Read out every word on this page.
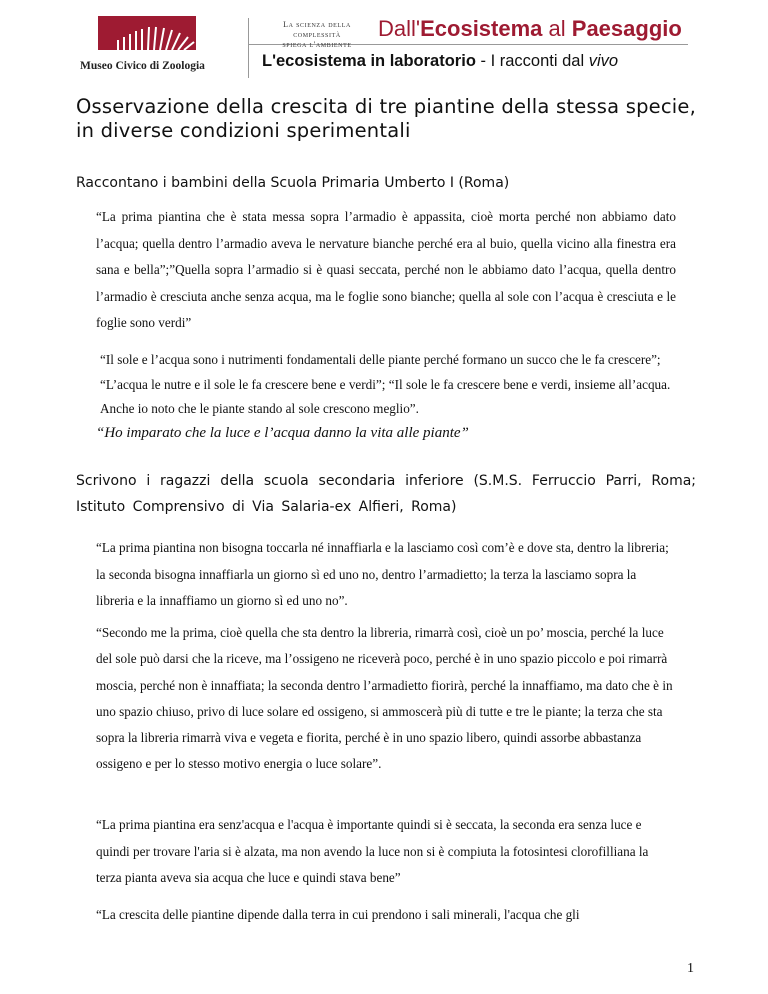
Museo Civico di Zoologia
La scienza della complessità
spiega l'ambiente
Dall'Ecosistema al Paesaggio
L'ecosistema in laboratorio - I racconti dal vivo
Osservazione della crescita di tre piantine della stessa specie, in diverse condizioni sperimentali

Raccontano i bambini della Scuola Primaria Umberto I (Roma)

“La prima piantina che è stata messa sopra l’armadio è appassita, cioè morta perché non abbiamo dato l’acqua; quella dentro l’armadio aveva le nervature bianche perché era al buio, quella vicino alla finestra era sana e bella”;”Quella sopra l’armadio si è quasi seccata, perché non le abbiamo dato l’acqua, quella dentro l’armadio è cresciuta anche senza acqua, ma le foglie sono bianche; quella al sole con l’acqua è cresciuta e le foglie sono verdi”

“Il sole e l’acqua sono i nutrimenti fondamentali delle piante perché formano un succo che le fa crescere”; “L’acqua le nutre e il sole le fa crescere bene e verdi”; “Il sole le fa crescere bene e verdi, insieme all’acqua. Anche io noto che le piante stando al sole crescono meglio”.

“Ho imparato che la luce e l’acqua danno la vita alle piante”

Scrivono i ragazzi della scuola secondaria inferiore (S.M.S. Ferruccio Parri, Roma; Istituto Comprensivo di Via Salaria-ex Alfieri, Roma)

“La prima piantina non bisogna toccarla né innaffiarla e la lasciamo così com’è e dove sta, dentro la libreria; la seconda bisogna innaffiarla un giorno sì ed uno no, dentro l’armadietto; la terza la lasciamo sopra la libreria e la innaffiamo un giorno sì ed uno no”.

“Secondo me la prima, cioè quella che sta dentro la libreria, rimarrà così, cioè un po’ moscia, perché la luce del sole può darsi che la riceve, ma l’ossigeno ne riceverà poco, perché è in uno spazio piccolo e poi rimarrà moscia, perché non è innaffiata; la seconda dentro l’armadietto fiorirà, perché la innaffiamo, ma dato che è in uno spazio chiuso, privo di luce solare ed ossigeno, si ammoscerà più di tutte e tre le piante; la terza che sta sopra la libreria rimarrà viva e vegeta e fiorita, perché è in uno spazio libero, quindi assorbe abbastanza ossigeno e per lo stesso motivo energia o luce solare”.

“La prima piantina era senz'acqua e l'acqua è importante quindi si è seccata, la seconda era senza luce e quindi per trovare l'aria si è alzata, ma non avendo la luce non si è compiuta la fotosintesi clorofilliana la terza pianta aveva sia acqua che luce e quindi stava bene”

“La crescita delle piantine dipende dalla terra in cui prendono i sali minerali, l'acqua che gli

1
